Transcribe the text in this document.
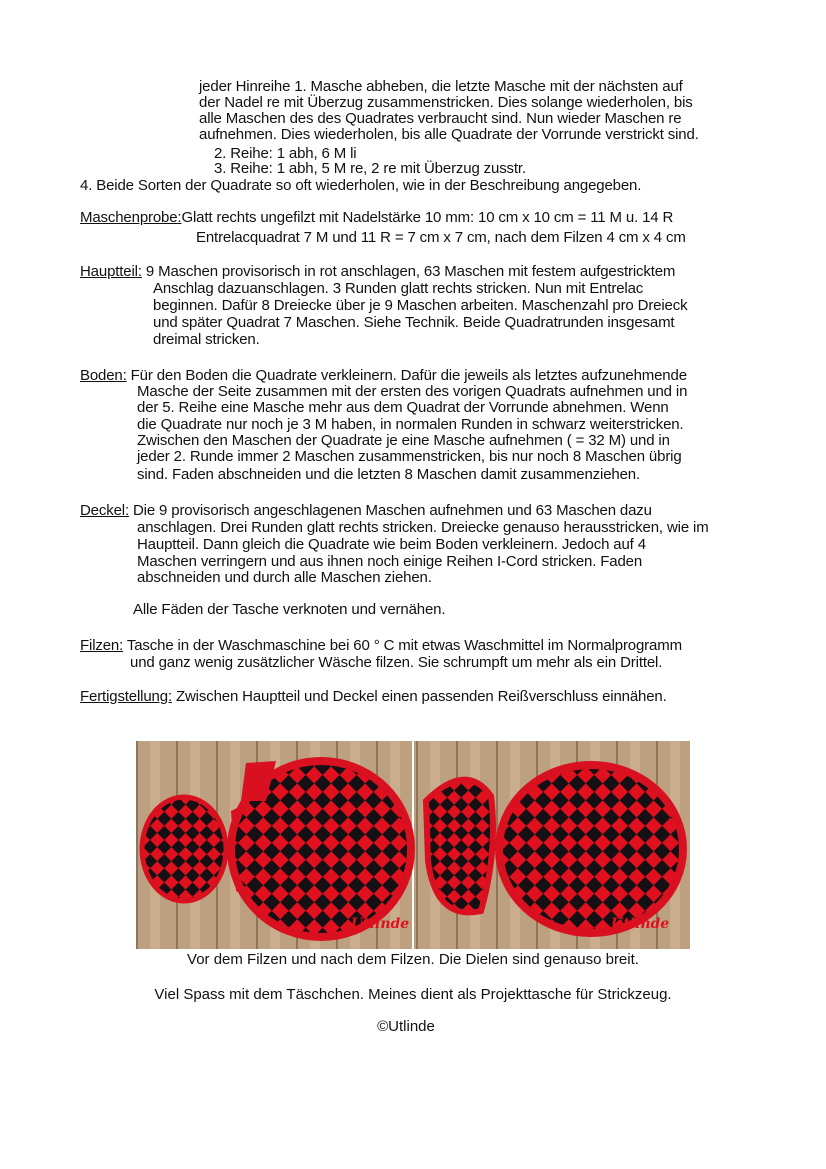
jeder Hinreihe 1. Masche abheben, die letzte Masche mit der nächsten auf
der Nadel re mit Überzug zusammenstricken. Dies solange wiederholen, bis
alle Maschen des des Quadrates verbraucht sind. Nun wieder Maschen re
aufnehmen. Dies wiederholen, bis alle Quadrate der Vorrunde verstrickt sind.
2. Reihe: 1 abh, 6 M li
3. Reihe: 1 abh, 5 M re, 2 re mit Überzug zusstr.
4. Beide Sorten der Quadrate so oft wiederholen, wie in der Beschreibung angegeben.
Maschenprobe:Glatt rechts ungefilzt mit Nadelstärke 10 mm: 10 cm x 10 cm = 11 M u. 14 R
Entrelacquadrat 7 M und 11 R = 7 cm x 7 cm, nach dem Filzen 4 cm x 4 cm
Hauptteil: 9 Maschen provisorisch in rot anschlagen, 63 Maschen mit festem aufgestricktem
Anschlag dazuanschlagen. 3 Runden glatt rechts stricken. Nun mit Entrelac
beginnen. Dafür 8 Dreiecke über je 9 Maschen arbeiten. Maschenzahl pro Dreieck
und später Quadrat 7 Maschen. Siehe Technik. Beide Quadratrunden insgesamt
dreimal stricken.
Boden: Für den Boden die Quadrate verkleinern. Dafür die jeweils als letztes aufzunehmende
Masche der Seite zusammen mit der ersten des vorigen Quadrats aufnehmen und in
der 5. Reihe eine Masche mehr aus dem Quadrat der Vorrunde abnehmen. Wenn
die Quadrate nur noch je 3 M haben, in normalen Runden in schwarz weiterstricken.
Zwischen den Maschen der Quadrate je eine Masche aufnehmen ( = 32 M) und in
jeder 2. Runde immer 2 Maschen zusammenstricken, bis nur noch 8 Maschen übrig
sind. Faden abschneiden und die letzten 8 Maschen damit zusammenziehen.
Deckel: Die 9 provisorisch angeschlagenen Maschen aufnehmen und 63 Maschen dazu
anschlagen. Drei Runden glatt rechts stricken. Dreiecke genauso herausstricken, wie im
Hauptteil. Dann gleich die Quadrate wie beim Boden verkleinern. Jedoch auf 4
Maschen verringern und aus ihnen noch einige Reihen I-Cord stricken. Faden
abschneiden und durch alle Maschen ziehen.
Alle Fäden der Tasche verknoten und vernähen.
Filzen: Tasche in der Waschmaschine bei 60 ° C mit etwas Waschmittel im Normalprogramm
und ganz wenig zusätzlicher Wäsche filzen. Sie schrumpft um mehr als ein Drittel.
Fertigstellung: Zwischen Hauptteil und Deckel einen passenden Reißverschluss einnähen.
Utlinde	Utlinde
Vor dem Filzen und nach dem Filzen. Die Dielen sind genauso breit.
Viel Spass mit dem Täschchen. Meines dient als Projekttasche für Strickzeug.
©Utlinde
